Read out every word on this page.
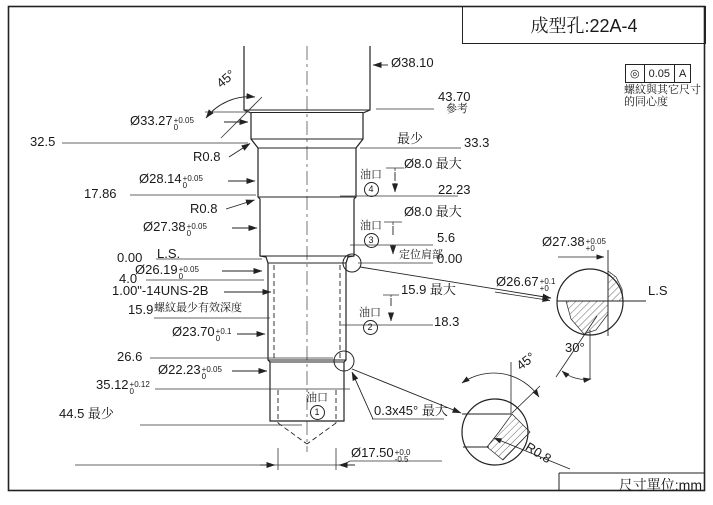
成型孔:22A-4
◎ 0.05 A
螺紋與其它尺寸
的同心度
尺寸單位:mm
45°
Ø33.27 +0.05
0
32.5
R0.8
Ø28.14 +0.05
0
17.86
R0.8
Ø27.38 +0.05
0
0.00 L.S.
Ø26.19 +0.05
0
4.0
1.00"-14UNS-2B
15.9 螺紋最少有效深度
Ø23.70 +0.1
0
26.6
Ø22.23 +0.05
0
35.12 +0.12
0
44.5 最少
Ø38.10
43.70
參考
最少	33.3
Ø8.0 最大
油口
4	22.23
Ø8.0 最大
油口
3	5.6
定位肩部
0.00
15.9 最大
油口
2	18.3
油口
1	0.3x45° 最大
Ø17.50 +0.0
-0.5
Ø27.38 +0.05
+0
Ø26.67 +0.1
+0	L.S
30°
45°
R0.8
